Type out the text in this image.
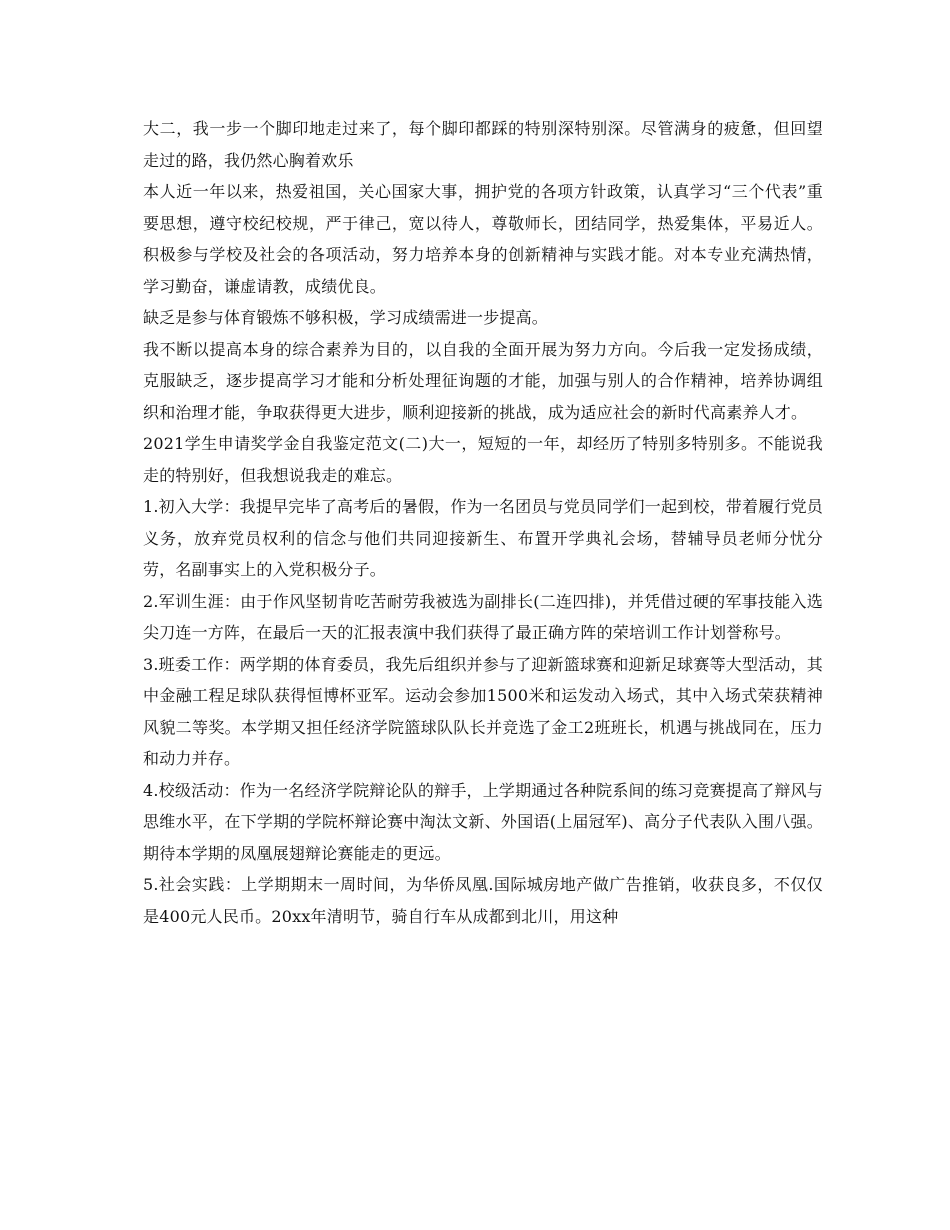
大二，我一步一个脚印地走过来了，每个脚印都踩的特别深特别深。尽管满身的疲惫，但回望走过的路，我仍然心胸着欢乐

本人近一年以来，热爱祖国，关心国家大事，拥护党的各项方针政策，认真学习“三个代表”重要思想，遵守校纪校规，严于律己，宽以待人，尊敬师长，团结同学，热爱集体，平易近人。积极参与学校及社会的各项活动，努力培养本身的创新精神与实践才能。对本专业充满热情，学习勤奋，谦虚请教，成绩优良。

缺乏是参与体育锻炼不够积极，学习成绩需进一步提高。

我不断以提高本身的综合素养为目的，以自我的全面开展为努力方向。今后我一定发扬成绩，克服缺乏，逐步提高学习才能和分析处理征询题的才能，加强与别人的合作精神，培养协调组织和治理才能，争取获得更大进步，顺利迎接新的挑战，成为适应社会的新时代高素养人才。

2021学生申请奖学金自我鉴定范文(二)大一，短短的一年，却经历了特别多特别多。不能说我走的特别好，但我想说我走的难忘。

1.初入大学：我提早完毕了高考后的暑假，作为一名团员与党员同学们一起到校，带着履行党员义务，放弃党员权利的信念与他们共同迎接新生、布置开学典礼会场，替辅导员老师分忧分劳，名副事实上的入党积极分子。

2.军训生涯：由于作风坚韧肯吃苦耐劳我被选为副排长(二连四排)，并凭借过硬的军事技能入选尖刀连一方阵，在最后一天的汇报表演中我们获得了最正确方阵的荣培训工作计划誉称号。

3.班委工作：两学期的体育委员，我先后组织并参与了迎新篮球赛和迎新足球赛等大型活动，其中金融工程足球队获得恒博杯亚军。运动会参加1500米和运发动入场式，其中入场式荣获精神风貌二等奖。本学期又担任经济学院篮球队队长并竞选了金工2班班长，机遇与挑战同在，压力和动力并存。

4.校级活动：作为一名经济学院辩论队的辩手，上学期通过各种院系间的练习竞赛提高了辩风与思维水平，在下学期的学院杯辩论赛中淘汰文新、外国语(上届冠军)、高分子代表队入围八强。期待本学期的凤凰展翅辩论赛能走的更远。

5.社会实践：上学期期末一周时间，为华侨凤凰.国际城房地产做广告推销，收获良多，不仅仅是400元人民币。20xx年清明节，骑自行车从成都到北川，用这种
